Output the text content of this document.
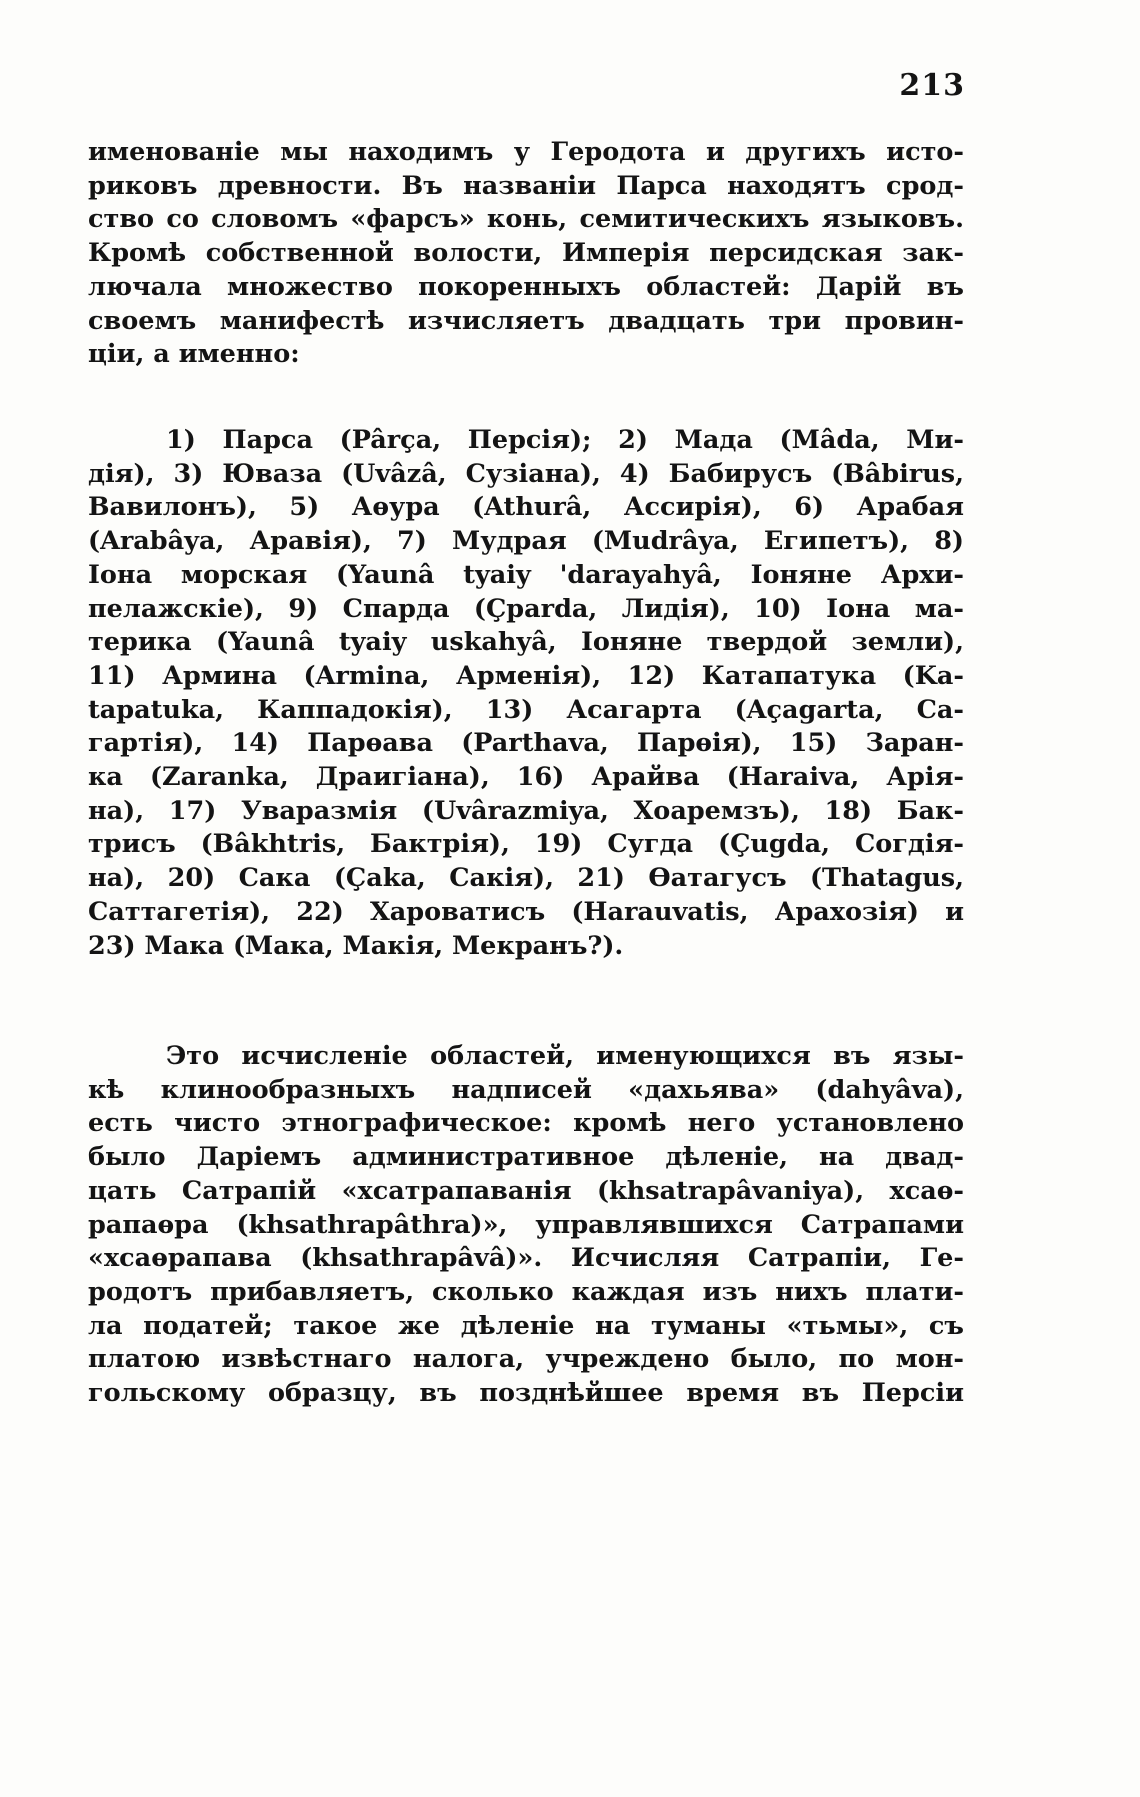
213
именованіе мы находимъ у Геродота и другихъ исто-
риковъ древности. Въ названіи Парса находятъ срод-
ство со словомъ «фарсъ» конь, семитическихъ языковъ.
Кромѣ собственной волости, Имперія персидская зак-
лючала множество покоренныхъ областей: Дарій въ
своемъ манифестѣ изчисляетъ двадцать три провин-
ціи, а именно:
1) Парса (Pârça, Персія); 2) Мада (Mâda, Ми-
дія), 3) Юваза (Uvâzâ, Сузіана), 4) Бабирусъ (Bâbirus,
Вавилонъ), 5) Аѳура (Athurâ, Ассирія), 6) Арабая
(Arabâya, Аравія), 7) Мудрая (Mudrâya, Египетъ), 8)
Іона морская (Yaunâ tyaiy 'darayahyâ, Іоняне Архи-
пелажскіе), 9) Спарда (Çparda, Лидія), 10) Іона ма-
терика (Yaunâ tyaiy uskahyâ, Іоняне твердой земли),
11) Армина (Armina, Арменія), 12) Катапатука (Ka-
tapatuka, Каппадокія), 13) Асагарта (Açagarta, Са-
гартія), 14) Парѳава (Parthava, Парѳія), 15) Заран-
ка (Zaranka, Драигіана), 16) Арайва (Haraiva, Арія-
на), 17) Уваразмія (Uvârazmiya, Хоаремзъ), 18) Бак-
трисъ (Bâkhtris, Бактрія), 19) Сугда (Çugda, Согдія-
на), 20) Сака (Çaka, Сакія), 21) Ѳатагусъ (Thatagus,
Саттагетія), 22) Хароватисъ (Harauvatis, Арахозія) и
23) Мака (Мака, Макія, Мекранъ?).
Это исчисленіе областей, именующихся въ язы-
кѣ клинообразныхъ надписей «дахьява» (dahyâva),
есть чисто этнографическое: кромѣ него установлено
было Даріемъ административное дѣленіе, на двад-
цать Сатрапій «хсатрапаванія (khsatrapâvaniya), хсаѳ-
рапаѳра (khsathrapâthra)», управлявшихся Сатрапами
«хсаѳрапава (khsathrapâvâ)». Исчисляя Сатрапіи, Ге-
родотъ прибавляетъ, сколько каждая изъ нихъ плати-
ла податей; такое же дѣленіе на туманы «тьмы», съ
платою извѣстнаго налога, учреждено было, по мон-
гольскому образцу, въ позднѣйшее время въ Персіи
